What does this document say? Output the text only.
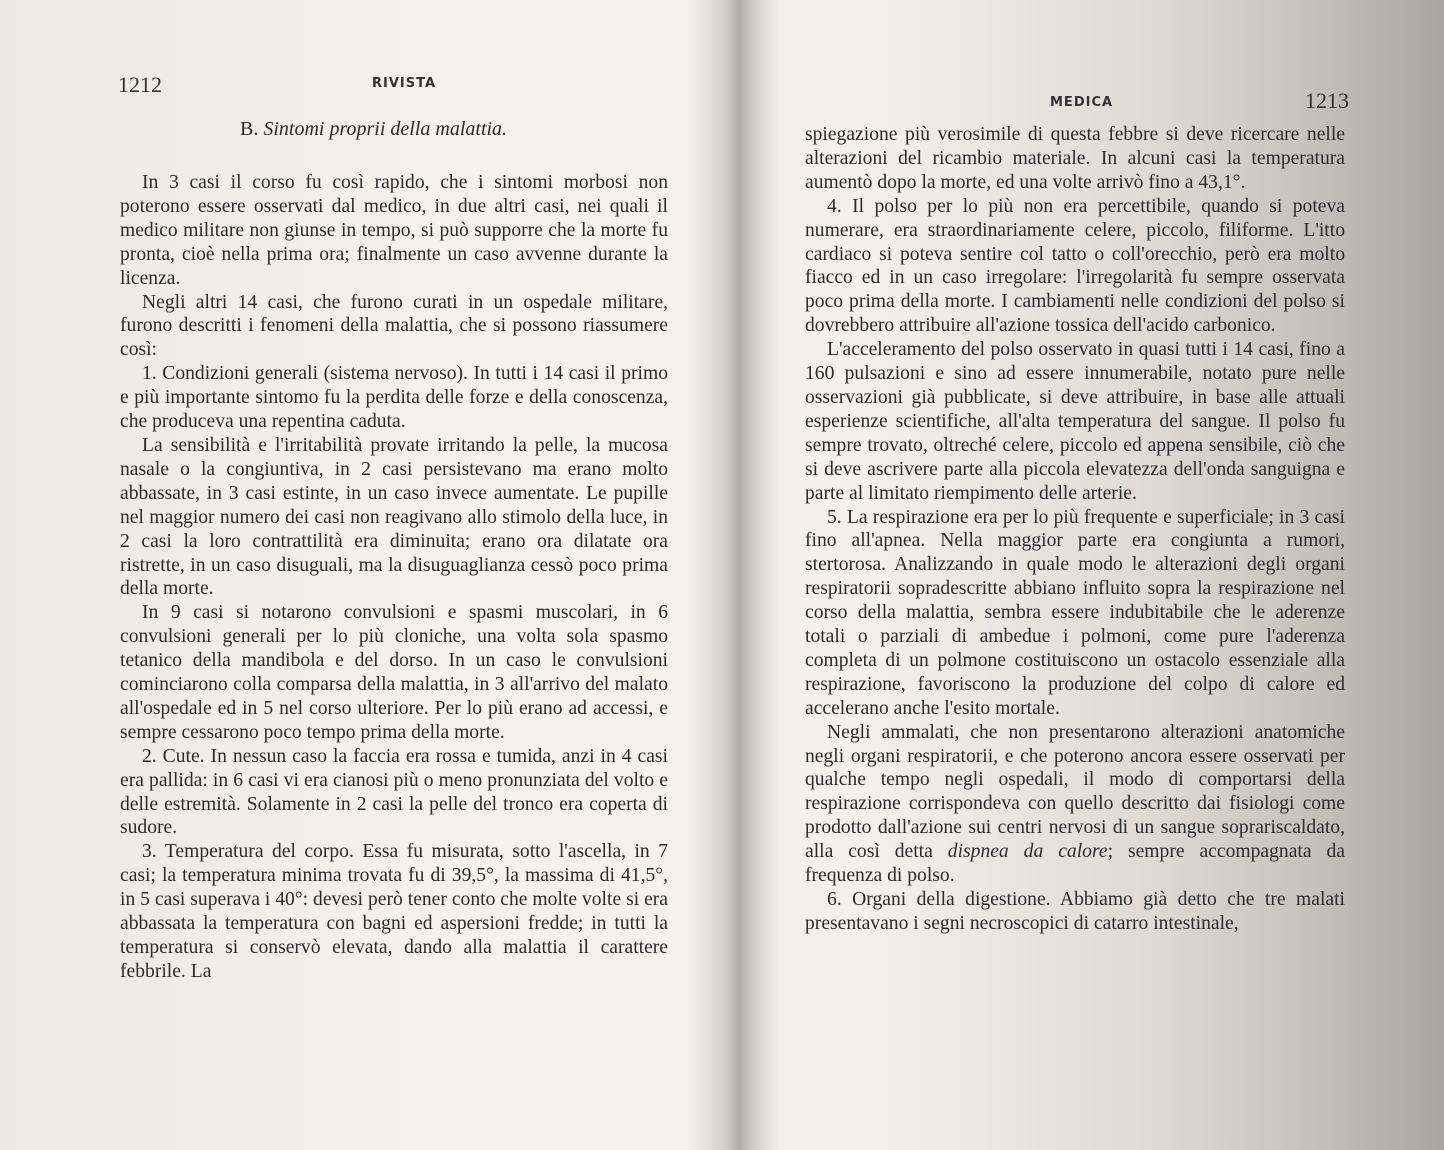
1212	RIVISTA
B. Sintomi proprii della malattia.

In 3 casi il corso fu così rapido, che i sintomi morbosi non poterono essere osservati dal medico, in due altri casi, nei quali il medico militare non giunse in tempo, si può supporre che la morte fu pronta, cioè nella prima ora; finalmente un caso avvenne durante la licenza.

Negli altri 14 casi, che furono curati in un ospedale militare, furono descritti i fenomeni della malattia, che si possono riassumere così:

1. Condizioni generali (sistema nervoso). In tutti i 14 casi il primo e più importante sintomo fu la perdita delle forze e della conoscenza, che produceva una repentina caduta.

La sensibilità e l'irritabilità provate irritando la pelle, la mucosa nasale o la congiuntiva, in 2 casi persistevano ma erano molto abbassate, in 3 casi estinte, in un caso invece aumentate. Le pupille nel maggior numero dei casi non reagivano allo stimolo della luce, in 2 casi la loro contrattilità era diminuita; erano ora dilatate ora ristrette, in un caso disuguali, ma la disuguaglianza cessò poco prima della morte.

In 9 casi si notarono convulsioni e spasmi muscolari, in 6 convulsioni generali per lo più cloniche, una volta sola spasmo tetanico della mandibola e del dorso. In un caso le convulsioni cominciarono colla comparsa della malattia, in 3 all'arrivo del malato all'ospedale ed in 5 nel corso ulteriore. Per lo più erano ad accessi, e sempre cessarono poco tempo prima della morte.

2. Cute. In nessun caso la faccia era rossa e tumida, anzi in 4 casi era pallida: in 6 casi vi era cianosi più o meno pronunziata del volto e delle estremità. Solamente in 2 casi la pelle del tronco era coperta di sudore.

3. Temperatura del corpo. Essa fu misurata, sotto l'ascella, in 7 casi; la temperatura minima trovata fu di 39,5°, la massima di 41,5°, in 5 casi superava i 40°: devesi però tener conto che molte volte si era abbassata la temperatura con bagni ed aspersioni fredde; in tutti la temperatura si conservò elevata, dando alla malattia il carattere febbrile. La

MEDICA	1213

spiegazione più verosimile di questa febbre si deve ricercare nelle alterazioni del ricambio materiale. In alcuni casi la temperatura aumentò dopo la morte, ed una volte arrivò fino a 43,1°.

4. Il polso per lo più non era percettibile, quando si poteva numerare, era straordinariamente celere, piccolo, filiforme. L'itto cardiaco si poteva sentire col tatto o coll'orecchio, però era molto fiacco ed in un caso irregolare: l'irregolarità fu sempre osservata poco prima della morte. I cambiamenti nelle condizioni del polso si dovrebbero attribuire all'azione tossica dell'acido carbonico.

L'acceleramento del polso osservato in quasi tutti i 14 casi, fino a 160 pulsazioni e sino ad essere innumerabile, notato pure nelle osservazioni già pubblicate, si deve attribuire, in base alle attuali esperienze scientifiche, all'alta temperatura del sangue. Il polso fu sempre trovato, oltreché celere, piccolo ed appena sensibile, ciò che si deve ascrivere parte alla piccola elevatezza dell'onda sanguigna e parte al limitato riempimento delle arterie.

5. La respirazione era per lo più frequente e superficiale; in 3 casi fino all'apnea. Nella maggior parte era congiunta a rumori, stertorosa. Analizzando in quale modo le alterazioni degli organi respiratorii sopradescritte abbiano influito sopra la respirazione nel corso della malattia, sembra essere indubitabile che le aderenze totali o parziali di ambedue i polmoni, come pure l'aderenza completa di un polmone costituiscono un ostacolo essenziale alla respirazione, favoriscono la produzione del colpo di calore ed accelerano anche l'esito mortale.

Negli ammalati, che non presentarono alterazioni anatomiche negli organi respiratorii, e che poterono ancora essere osservati per qualche tempo negli ospedali, il modo di comportarsi della respirazione corrispondeva con quello descritto dai fisiologi come prodotto dall'azione sui centri nervosi di un sangue soprariscaldato, alla così detta dispnea da calore; sempre accompagnata da frequenza di polso.

6. Organi della digestione. Abbiamo già detto che tre malati presentavano i segni necroscopici di catarro intestinale,
